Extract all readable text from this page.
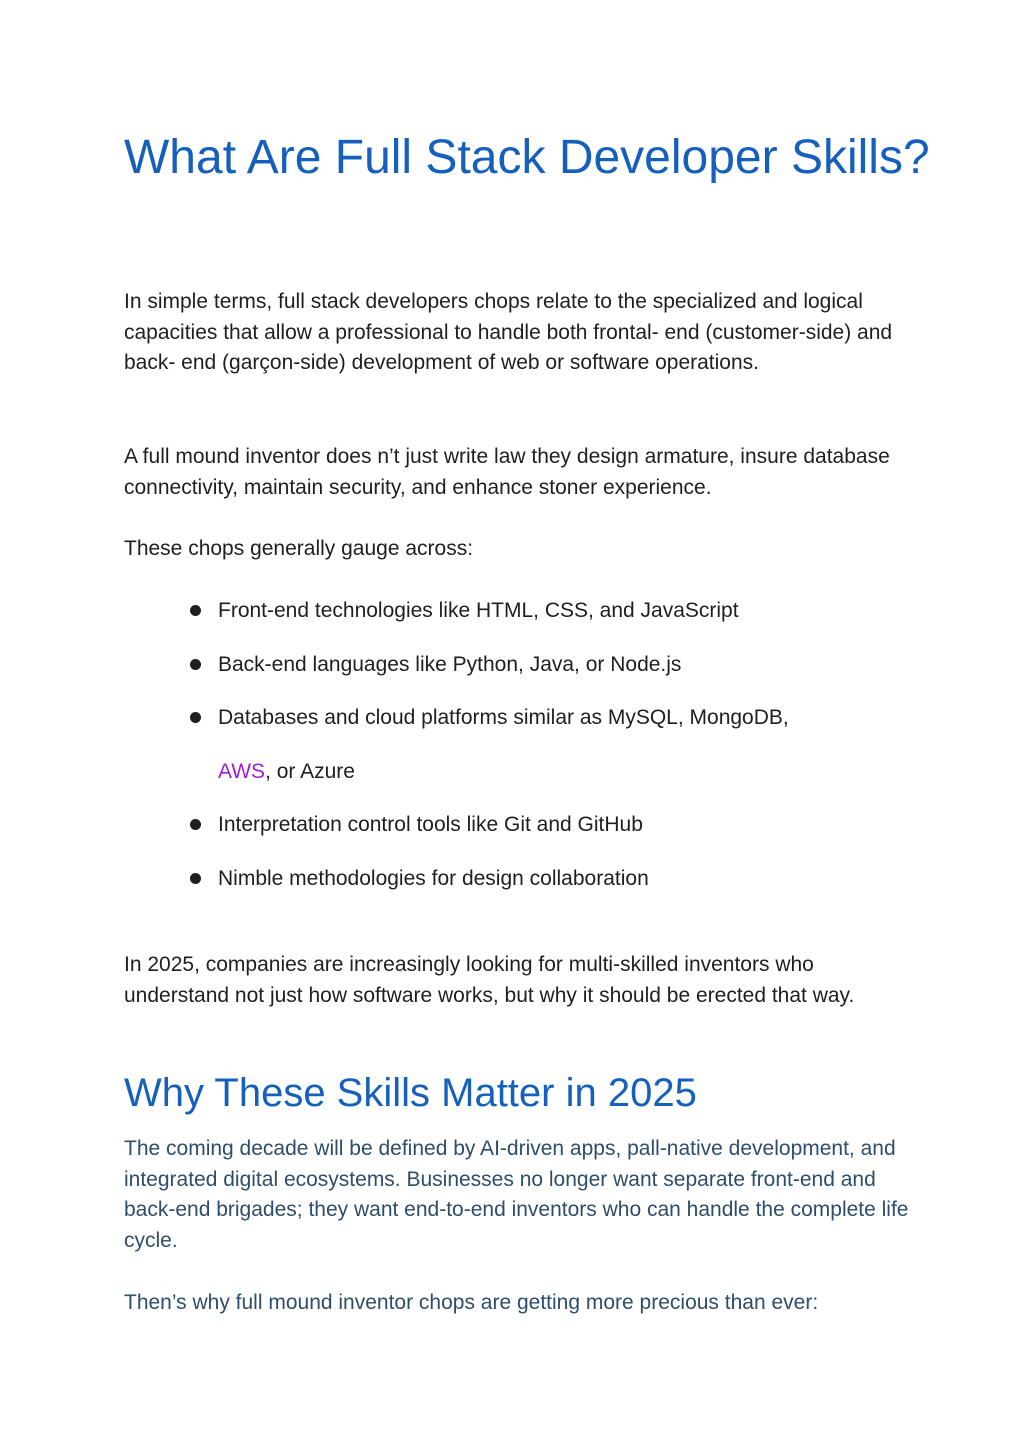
What Are Full Stack Developer Skills?

In simple terms, full stack developers chops relate to the specialized and logical capacities that allow a professional to handle both frontal- end (customer-side) and back- end (garçon-side) development of web or software operations.

A full mound inventor does n’t just write law they design armature, insure database connectivity, maintain security, and enhance stoner experience.

These chops generally gauge across:

Front-end technologies like HTML, CSS, and JavaScript
Back-end languages like Python, Java, or Node.js
Databases and cloud platforms similar as MySQL, MongoDB,
AWS, or Azure
Interpretation control tools like Git and GitHub
Nimble methodologies for design collaboration

In 2025, companies are increasingly looking for multi-skilled inventors who understand not just how software works, but why it should be erected that way.

Why These Skills Matter in 2025

The coming decade will be defined by AI-driven apps, pall-native development, and integrated digital ecosystems. Businesses no longer want separate front-end and back-end brigades; they want end-to-end inventors who can handle the complete life cycle.

Then’s why full mound inventor chops are getting more precious than ever:
